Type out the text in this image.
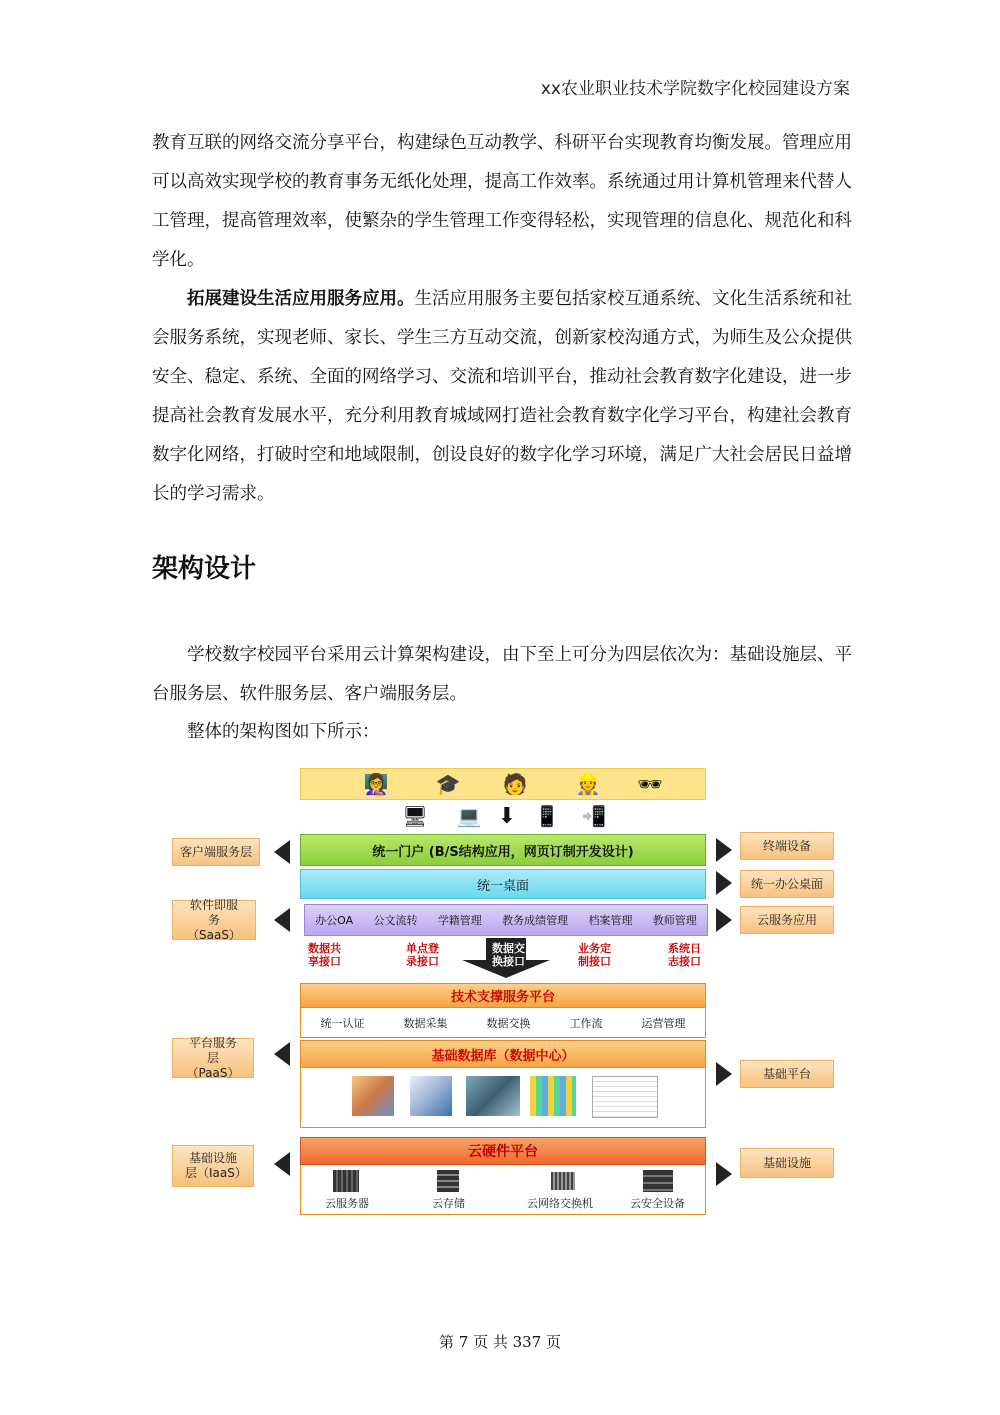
xx农业职业技术学院数字化校园建设方案

教育互联的网络交流分享平台，构建绿色互动教学、科研平台实现教育均衡发展。管理应用可以高效实现学校的教育事务无纸化处理，提高工作效率。系统通过用计算机管理来代替人工管理，提高管理效率，使繁杂的学生管理工作变得轻松，实现管理的信息化、规范化和科学化。

拓展建设生活应用服务应用。生活应用服务主要包括家校互通系统、文化生活系统和社会服务系统，实现老师、家长、学生三方互动交流，创新家校沟通方式，为师生及公众提供安全、稳定、系统、全面的网络学习、交流和培训平台，推动社会教育数字化建设，进一步提高社会教育发展水平，充分利用教育城域网打造社会教育数字化学习平台，构建社会教育数字化网络，打破时空和地域限制，创设良好的数字化学习环境，满足广大社会居民日益增长的学习需求。

架构设计

学校数字校园平台采用云计算架构建设，由下至上可分为四层依次为：基础设施层、平台服务层、软件服务层、客户端服务层。

整体的架构图如下所示：

👩‍🏫 🎓 🧑 👷 🕶
🖥 💻 ⬇ 📱 📲
统一门户 (B/S结构应用，网页订制开发设计)
统一桌面
办公OA 公文流转 学籍管理 教务成绩管理 档案管理 教师管理
数据共享接口
单点登录接口
数据交换接口
业务定制接口
系统日志接口
技术支撑服务平台
统一认证	数据采集	数据交换	工作流	运营管理
基础数据库（数据中心）
云硬件平台
云服务器	云存储	云网络交换机	云安全设备
客户端服务层
软件即服务（SaaS）
平台服务层（PaaS）
基础设施层（IaaS）
终端设备
统一办公桌面
云服务应用
基础平台
基础设施
第 7 页 共 337 页
